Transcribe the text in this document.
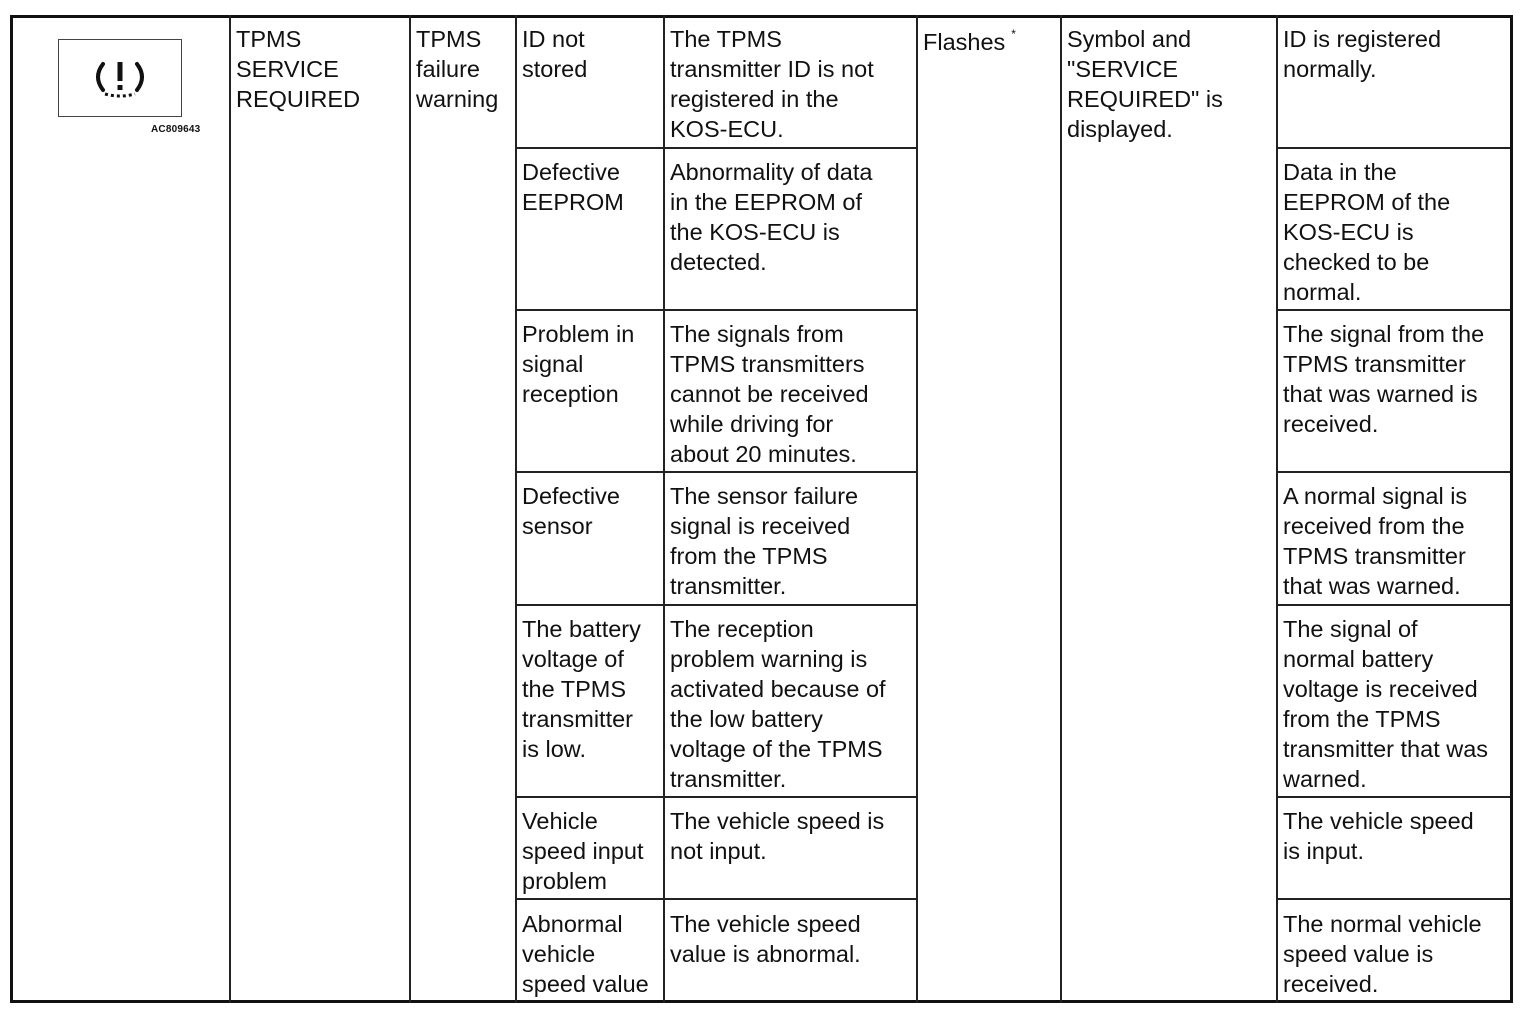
AC809643
TPMS
SERVICE
REQUIRED
TPMS
failure
warning
Flashes * Symbol and
"SERVICE
REQUIRED" is
displayed.
ID not
stored
The TPMS
transmitter ID is not
registered in the
KOS-ECU.
ID is registered
normally.
Defective
EEPROM
Abnormality of data
in the EEPROM of
the KOS-ECU is
detected.
Data in the
EEPROM of the
KOS-ECU is
checked to be
normal.
Problem in
signal
reception
The signals from
TPMS transmitters
cannot be received
while driving for
about 20 minutes.
The signal from the
TPMS transmitter
that was warned is
received.
Defective
sensor
The sensor failure
signal is received
from the TPMS
transmitter.
A normal signal is
received from the
TPMS transmitter
that was warned.
The battery
voltage of
the TPMS
transmitter
is low.
The reception
problem warning is
activated because of
the low battery
voltage of the TPMS
transmitter.
The signal of
normal battery
voltage is received
from the TPMS
transmitter that was
warned.
Vehicle
speed input
problem
The vehicle speed is
not input.
The vehicle speed
is input.
Abnormal
vehicle
speed value
The vehicle speed
value is abnormal.
The normal vehicle
speed value is
received.
